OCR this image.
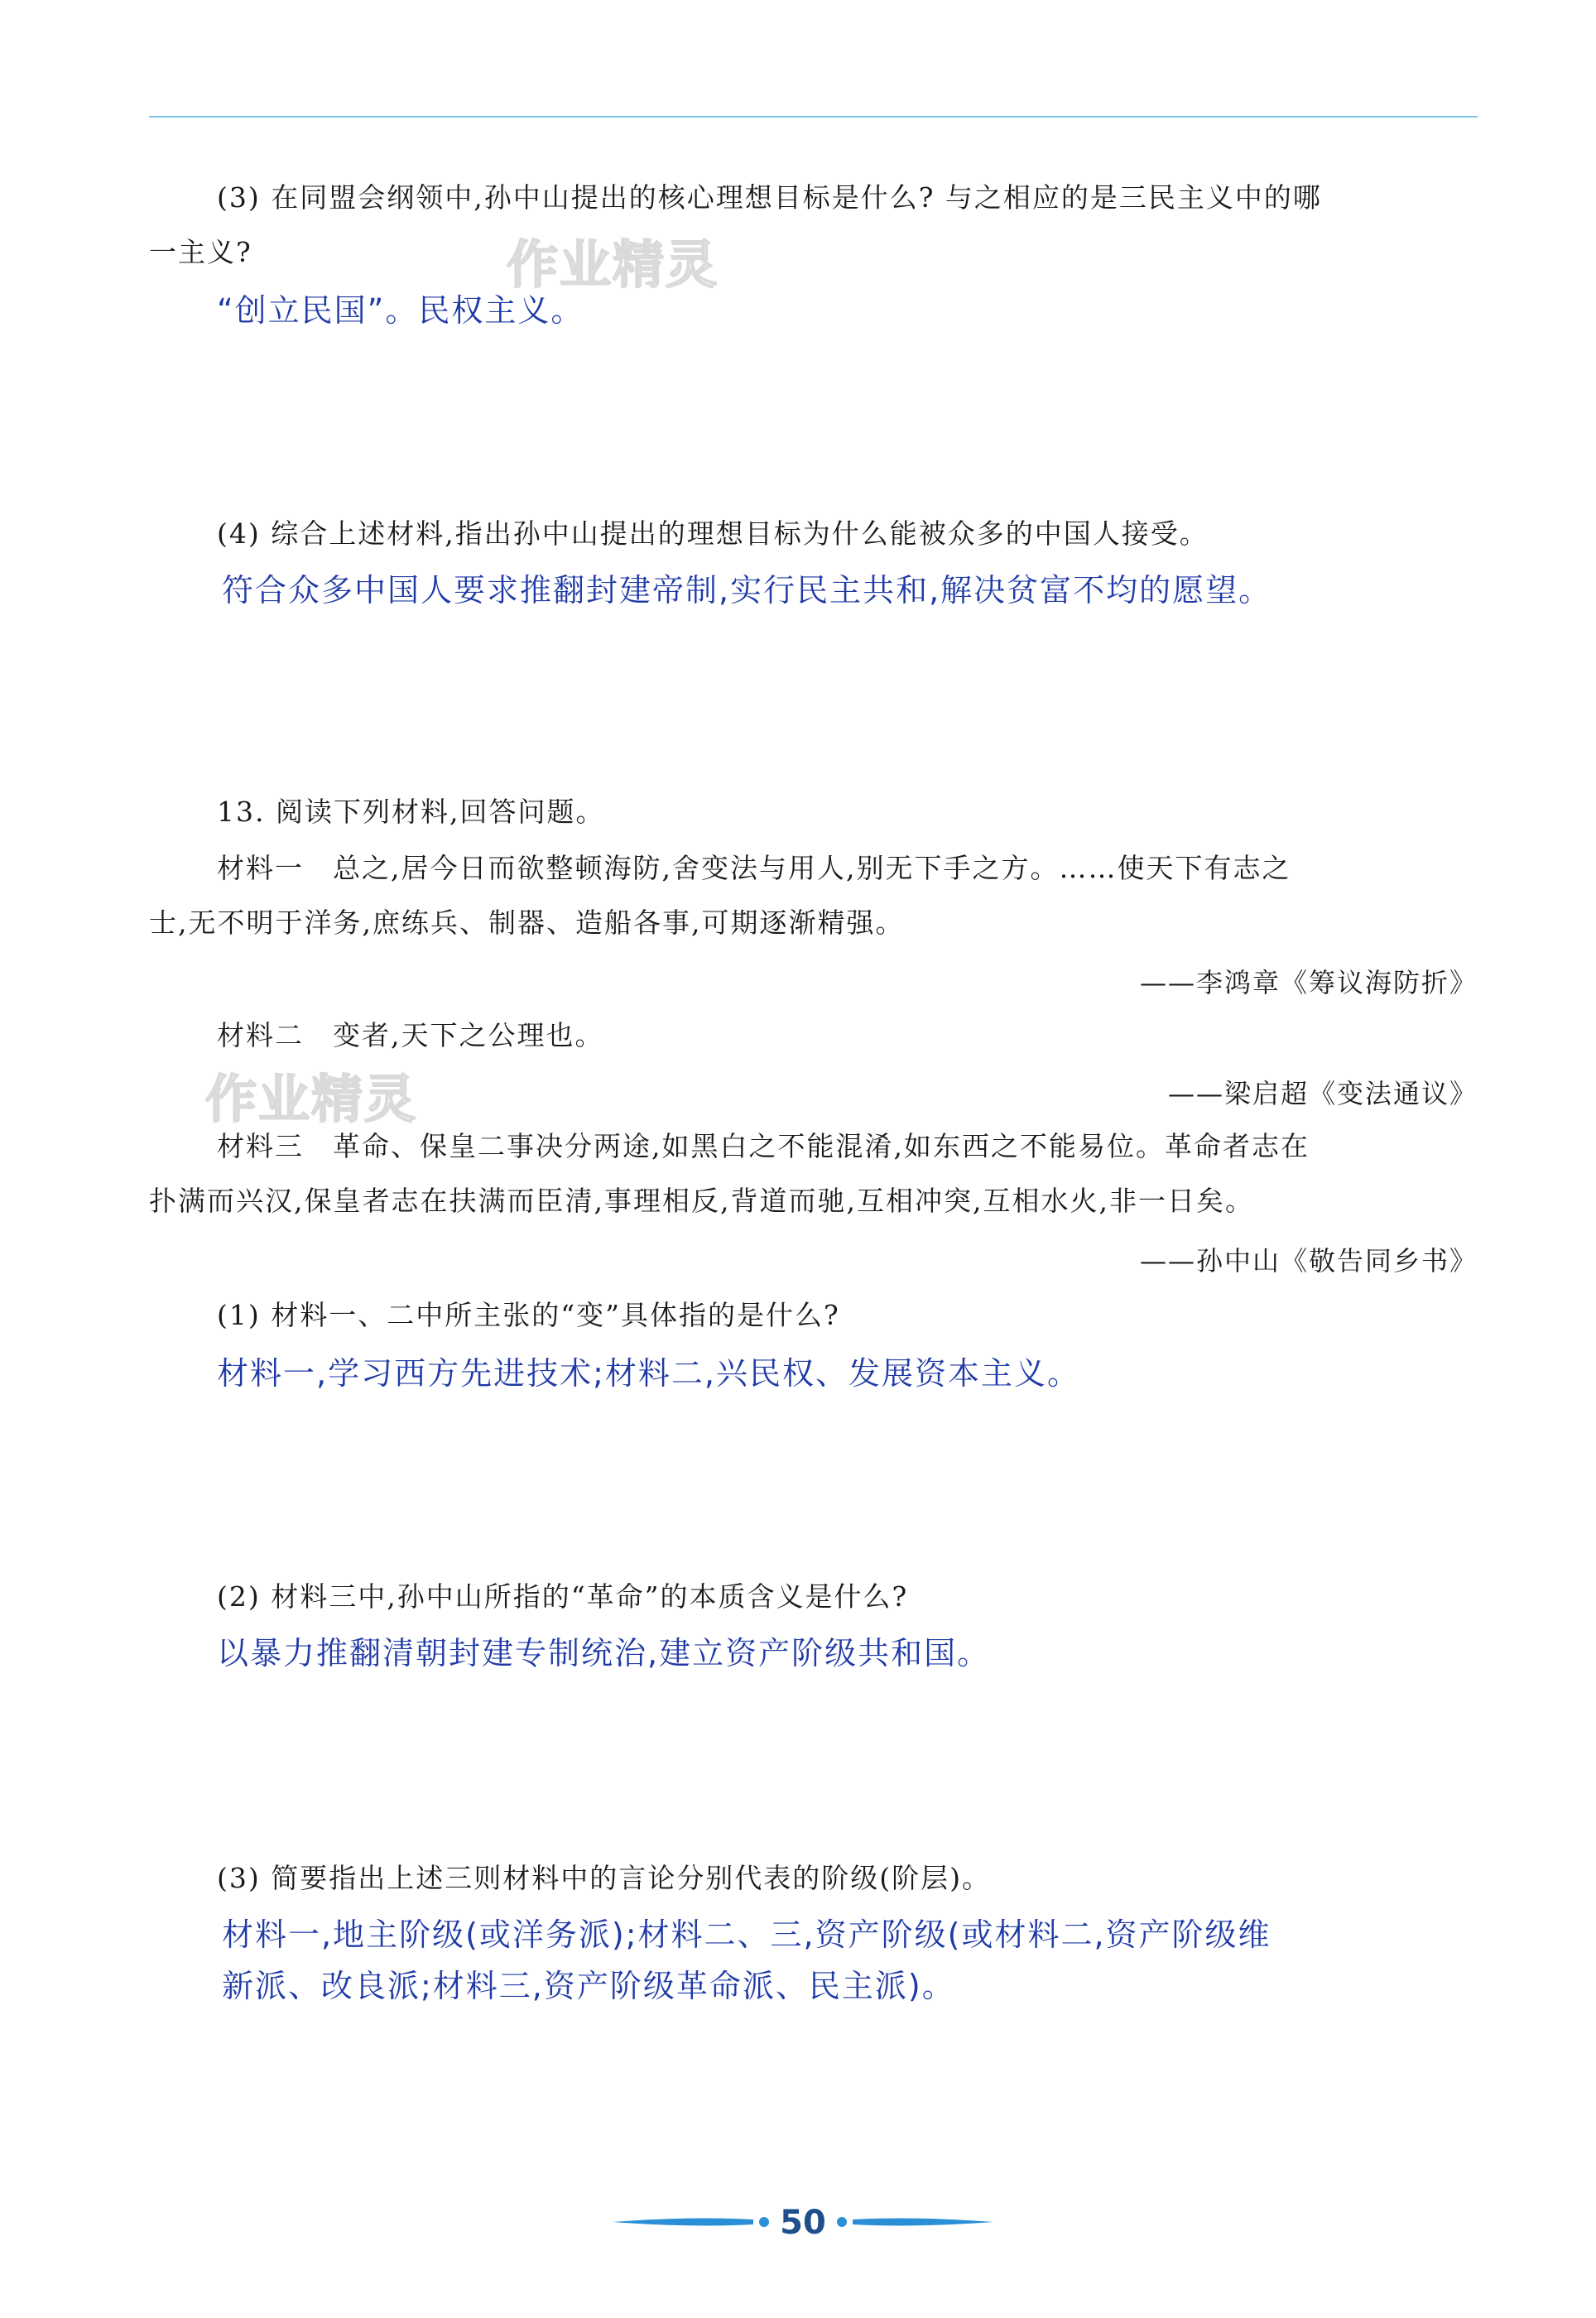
作业精灵
作业精灵
(3) 在同盟会纲领中,孙中山提出的核心理想目标是什么? 与之相应的是三民主义中的哪
一主义?
“创立民国”。民权主义。
(4) 综合上述材料,指出孙中山提出的理想目标为什么能被众多的中国人接受。
符合众多中国人要求推翻封建帝制,实行民主共和,解决贫富不均的愿望。
13. 阅读下列材料,回答问题。
材料一　总之,居今日而欲整顿海防,舍变法与用人,别无下手之方。……使天下有志之
士,无不明于洋务,庶练兵、制器、造船各事,可期逐渐精强。
——李鸿章《筹议海防折》
材料二　变者,天下之公理也。
——梁启超《变法通议》
材料三　革命、保皇二事决分两途,如黑白之不能混淆,如东西之不能易位。革命者志在
扑满而兴汉,保皇者志在扶满而臣清,事理相反,背道而驰,互相冲突,互相水火,非一日矣。
——孙中山《敬告同乡书》
(1) 材料一、二中所主张的“变”具体指的是什么?
材料一,学习西方先进技术;材料二,兴民权、发展资本主义。
(2) 材料三中,孙中山所指的“革命”的本质含义是什么?
以暴力推翻清朝封建专制统治,建立资产阶级共和国。
(3) 简要指出上述三则材料中的言论分别代表的阶级(阶层)。
材料一,地主阶级(或洋务派);材料二、三,资产阶级(或材料二,资产阶级维
新派、改良派;材料三,资产阶级革命派、民主派)。
50
